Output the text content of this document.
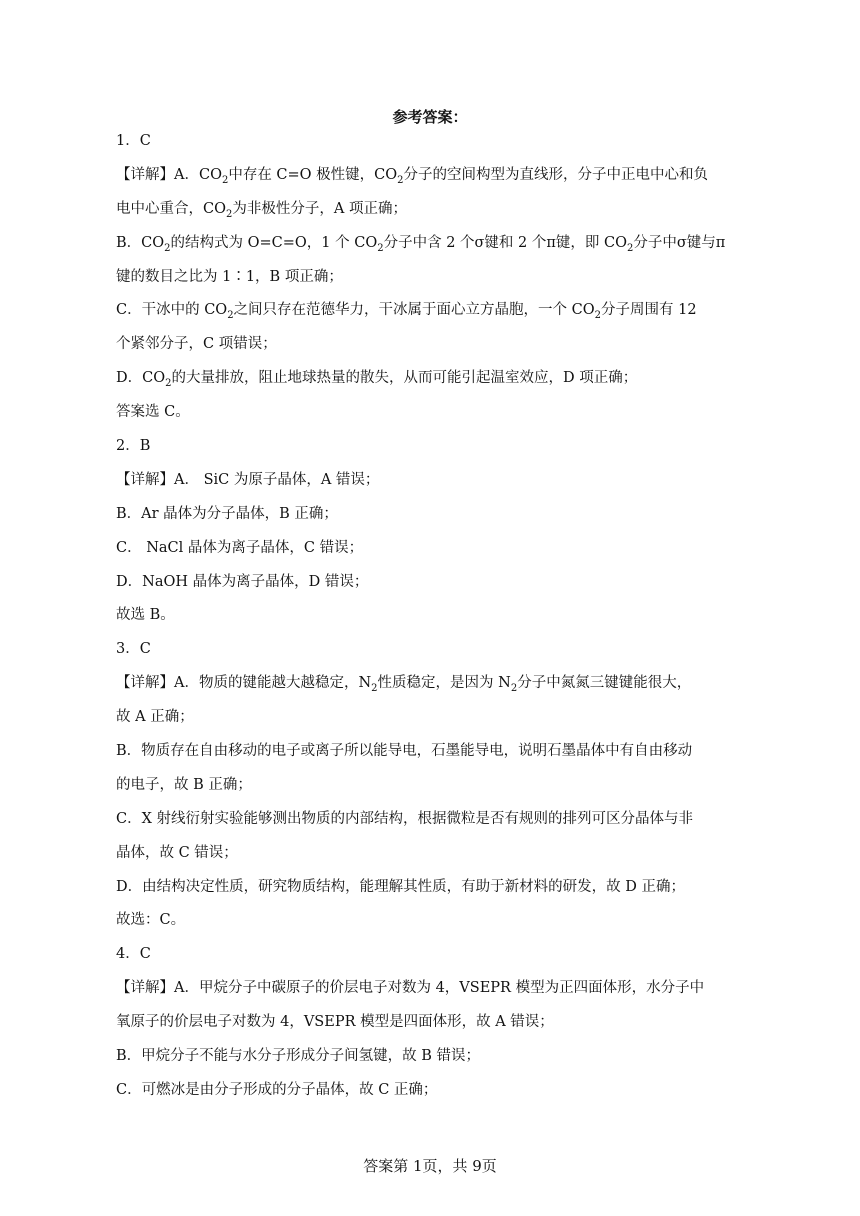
参考答案：
1．C
【详解】A．$CO_2$中存在 C=O 极性键，$CO_2$分子的空间构型为直线形，分子中正电中心和负
电中心重合，$CO_2$为非极性分子，A 项正确；
B．$CO_2$的结构式为 O=C=O，1 个 $CO_2$分子中含 2 个σ键和 2 个π键，即 $CO_2$分子中σ键与π
键的数目之比为 1∶1，B 项正确；
C．干冰中的 $CO_2$之间只存在范德华力，干冰属于面心立方晶胞，一个 $CO_2$分子周围有 12
个紧邻分子，C 项错误；
D．$CO_2$的大量排放，阻止地球热量的散失，从而可能引起温室效应，D 项正确；
答案选 C。
2．B
【详解】A． SiC 为原子晶体，A 错误；
B．Ar 晶体为分子晶体，B 正确；
C． NaCl 晶体为离子晶体，C 错误；
D．NaOH 晶体为离子晶体，D 错误；
故选 B。
3．C
【详解】A．物质的键能越大越稳定，$N_2$性质稳定，是因为 $N_2$分子中氮氮三键键能很大，
故 A 正确；
B．物质存在自由移动的电子或离子所以能导电，石墨能导电，说明石墨晶体中有自由移动
的电子，故 B 正确；
C．X 射线衍射实验能够测出物质的内部结构，根据微粒是否有规则的排列可区分晶体与非
晶体，故 C 错误；
D．由结构决定性质，研究物质结构，能理解其性质，有助于新材料的研发，故 D 正确；
故选：C。
4．C
【详解】A．甲烷分子中碳原子的价层电子对数为 4，VSEPR 模型为正四面体形，水分子中
氧原子的价层电子对数为 4，VSEPR 模型是四面体形，故 A 错误；
B．甲烷分子不能与水分子形成分子间氢键，故 B 错误；
C．可燃冰是由分子形成的分子晶体，故 C 正确；
答案第 1页，共 9页
